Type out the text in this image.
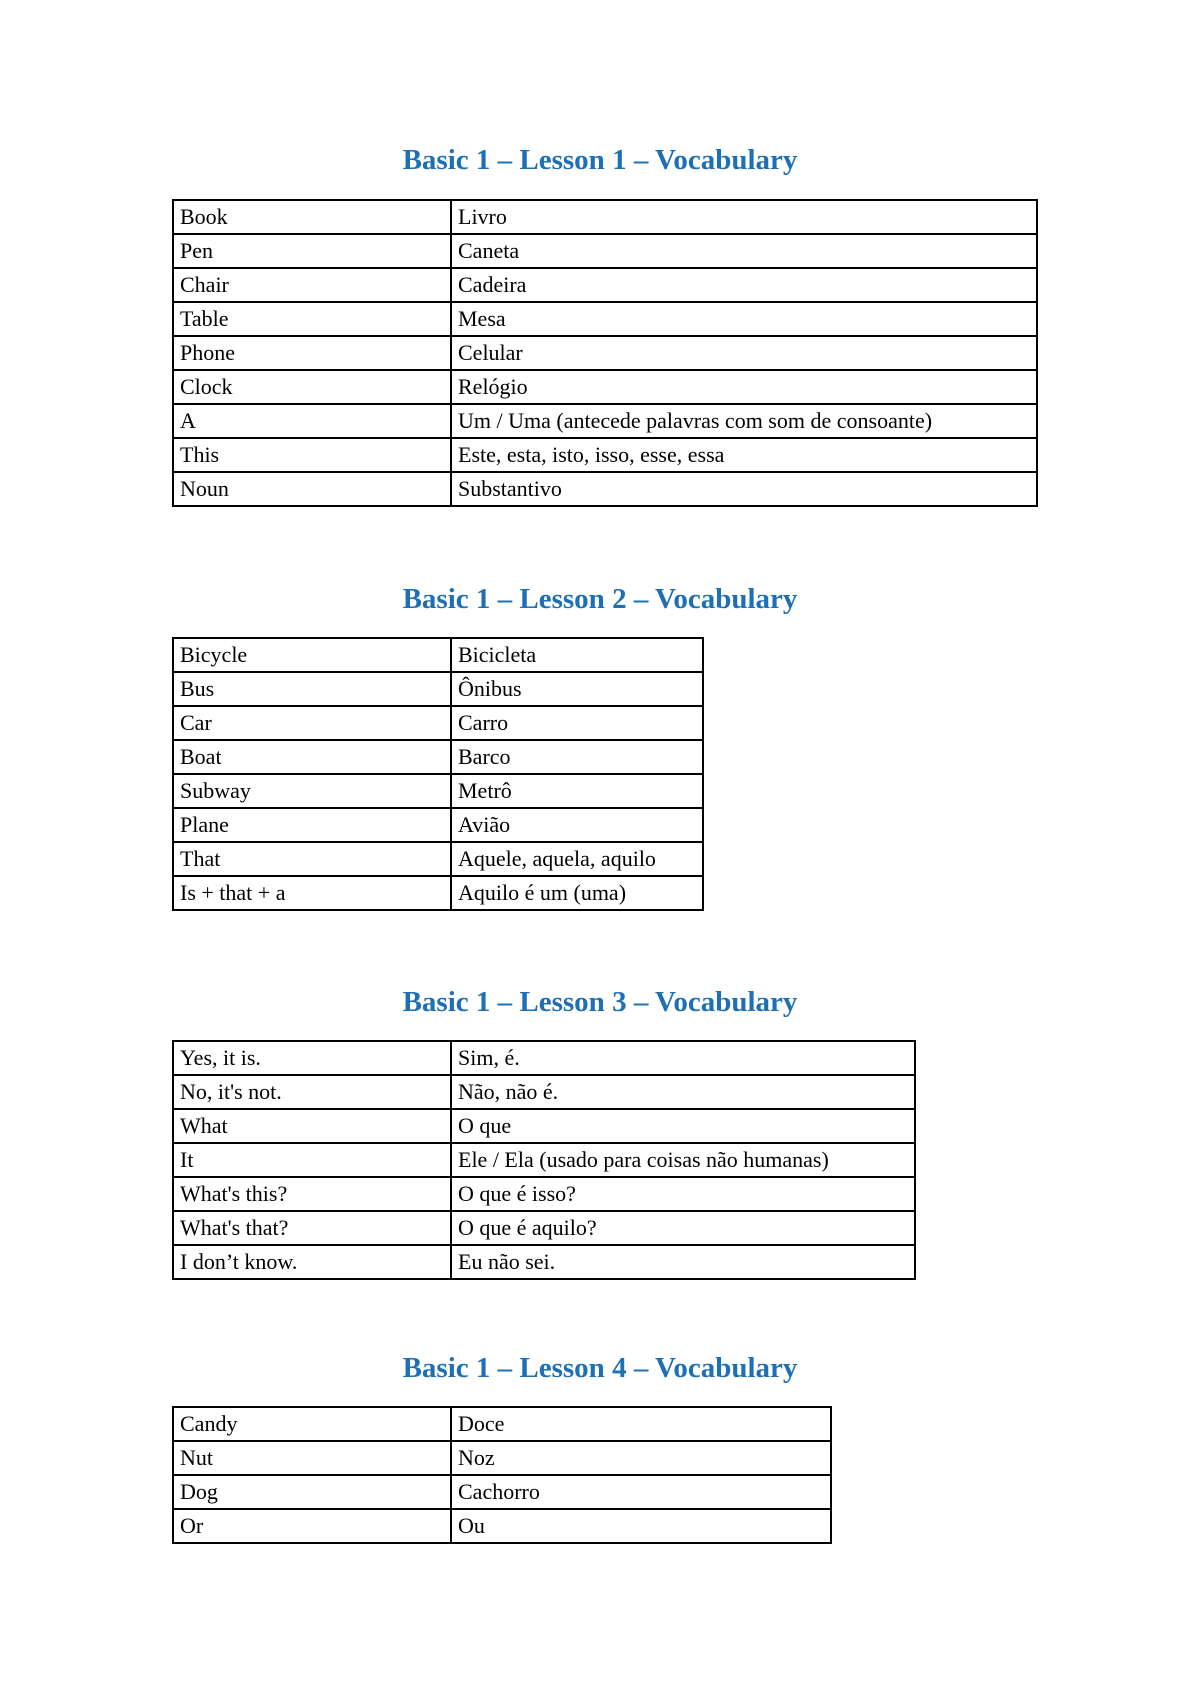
Basic 1 – Lesson 1 – Vocabulary
Book	Livro
Pen	Caneta
Chair	Cadeira
Table	Mesa
Phone	Celular
Clock	Relógio
A	Um / Uma (antecede palavras com som de consoante)
This	Este, esta, isto, isso, esse, essa
Noun	Substantivo
Basic 1 – Lesson 2 – Vocabulary
Bicycle	Bicicleta
Bus	Ônibus
Car	Carro
Boat	Barco
Subway	Metrô
Plane	Avião
That	Aquele, aquela, aquilo
Is + that + a	Aquilo é um (uma)
Basic 1 – Lesson 3 – Vocabulary
Yes, it is.	Sim, é.
No, it's not.	Não, não é.
What	O que
It	Ele / Ela (usado para coisas não humanas)
What's this?	O que é isso?
What's that?	O que é aquilo?
I don’t know.	Eu não sei.
Basic 1 – Lesson 4 – Vocabulary
Candy	Doce
Nut	Noz
Dog	Cachorro
Or	Ou
